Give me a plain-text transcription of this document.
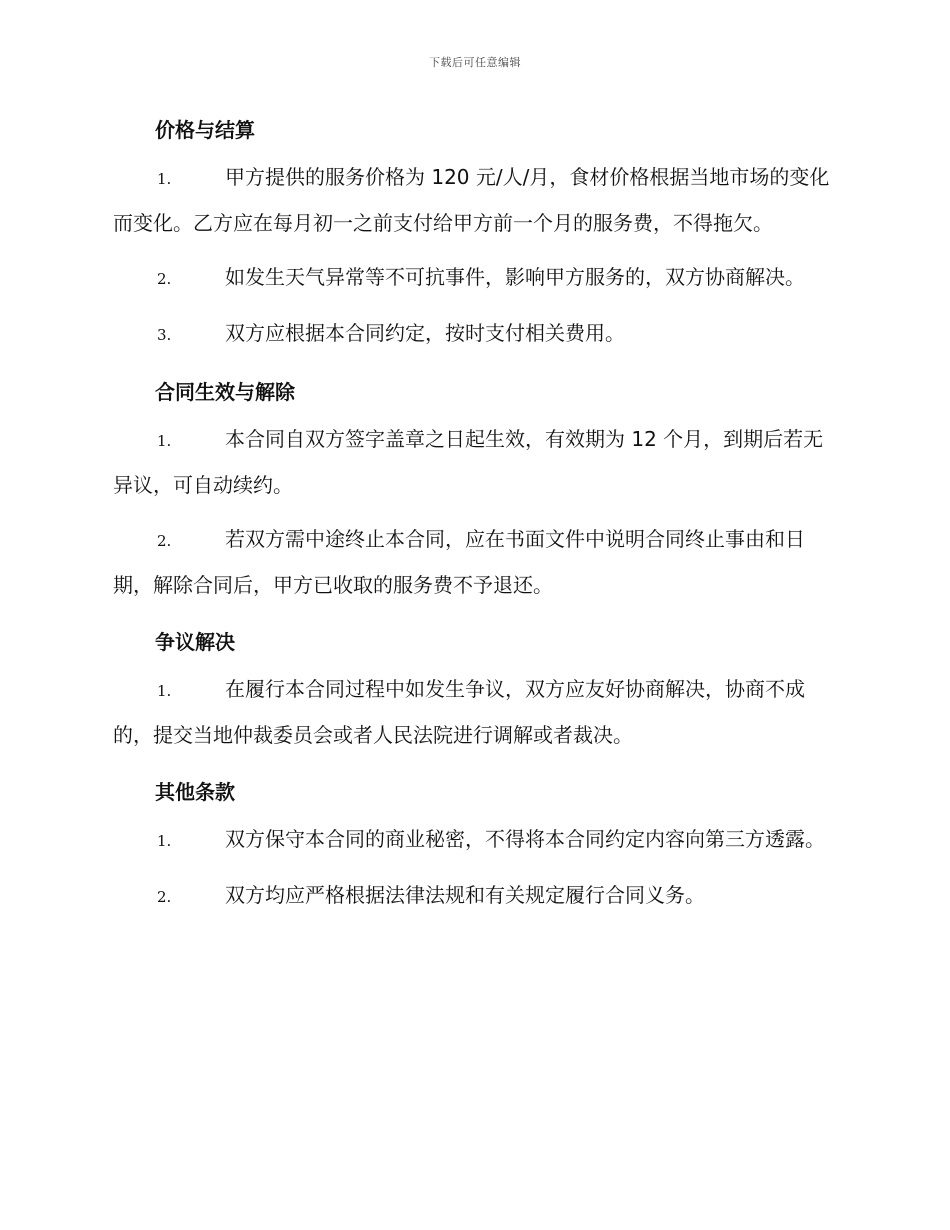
下载后可任意编辑
价格与结算
1.	甲方提供的服务价格为 120 元/人/月，食材价格根据当地市场的变化而变化。乙方应在每月初一之前支付给甲方前一个月的服务费，不得拖欠。
2.	如发生天气异常等不可抗事件，影响甲方服务的，双方协商解决。
3.	双方应根据本合同约定，按时支付相关费用。
合同生效与解除
1.	本合同自双方签字盖章之日起生效，有效期为 12 个月，到期后若无异议，可自动续约。
2.	若双方需中途终止本合同，应在书面文件中说明合同终止事由和日期，解除合同后，甲方已收取的服务费不予退还。
争议解决
1.	在履行本合同过程中如发生争议，双方应友好协商解决，协商不成的，提交当地仲裁委员会或者人民法院进行调解或者裁决。
其他条款
1.	双方保守本合同的商业秘密，不得将本合同约定内容向第三方透露。
2.	双方均应严格根据法律法规和有关规定履行合同义务。
